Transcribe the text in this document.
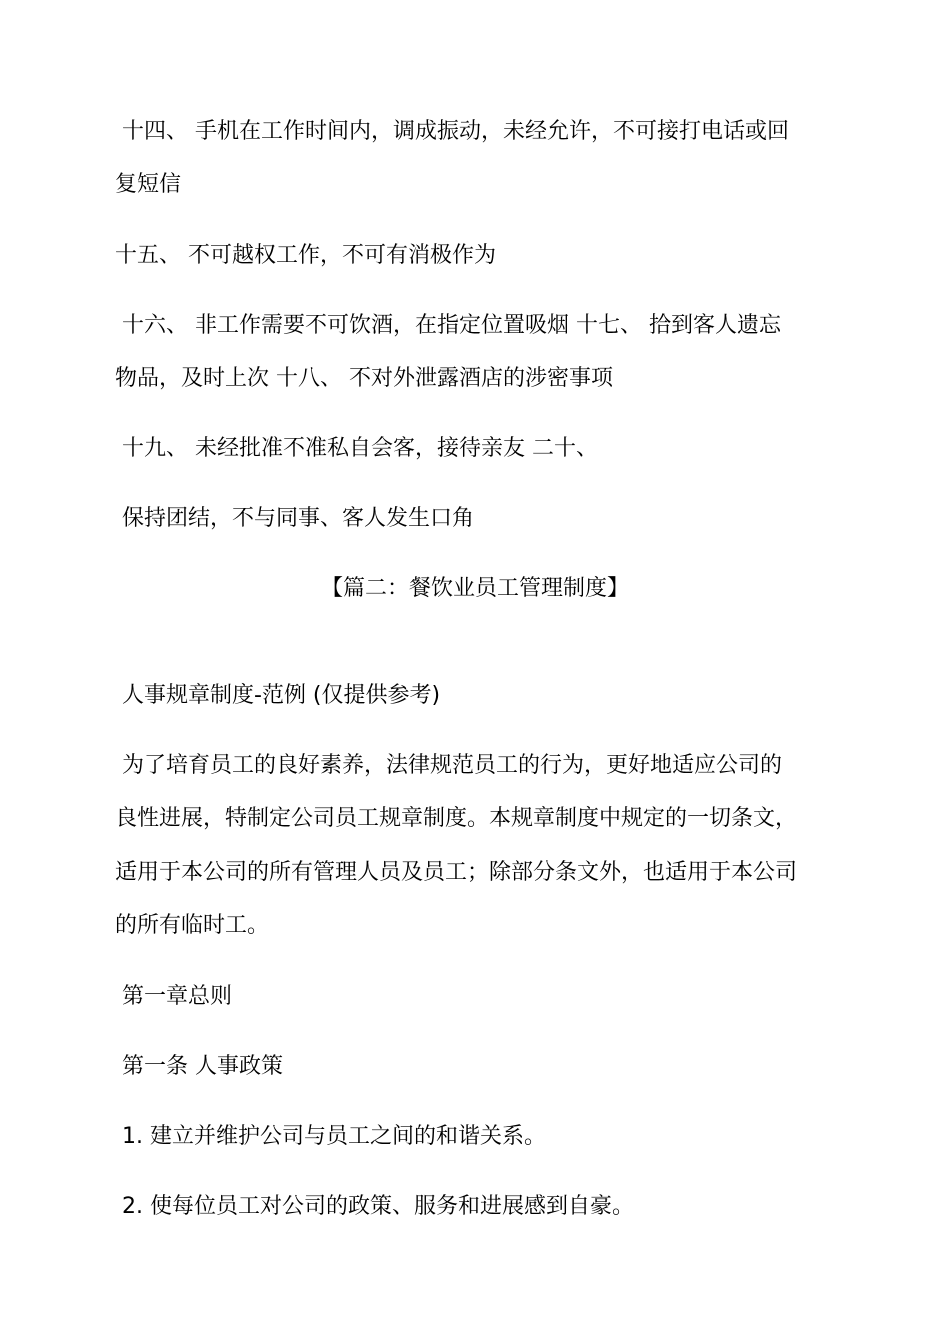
十四、 手机在工作时间内，调成振动，未经允许，不可接打电话或回
复短信
十五、 不可越权工作，不可有消极作为
十六、 非工作需要不可饮酒，在指定位置吸烟 十七、 拾到客人遗忘
物品，及时上次 十八、 不对外泄露酒店的涉密事项
十九、 未经批准不准私自会客，接待亲友 二十、
保持团结，不与同事、客人发生口角
【篇二：餐饮业员工管理制度】
人事规章制度-范例 (仅提供参考)
为了培育员工的良好素养，法律规范员工的行为，更好地适应公司的
良性进展，特制定公司员工规章制度。本规章制度中规定的一切条文，
适用于本公司的所有管理人员及员工；除部分条文外，也适用于本公司
的所有临时工。
第一章总则
第一条 人事政策
1. 建立并维护公司与员工之间的和谐关系。
2. 使每位员工对公司的政策、服务和进展感到自豪。
